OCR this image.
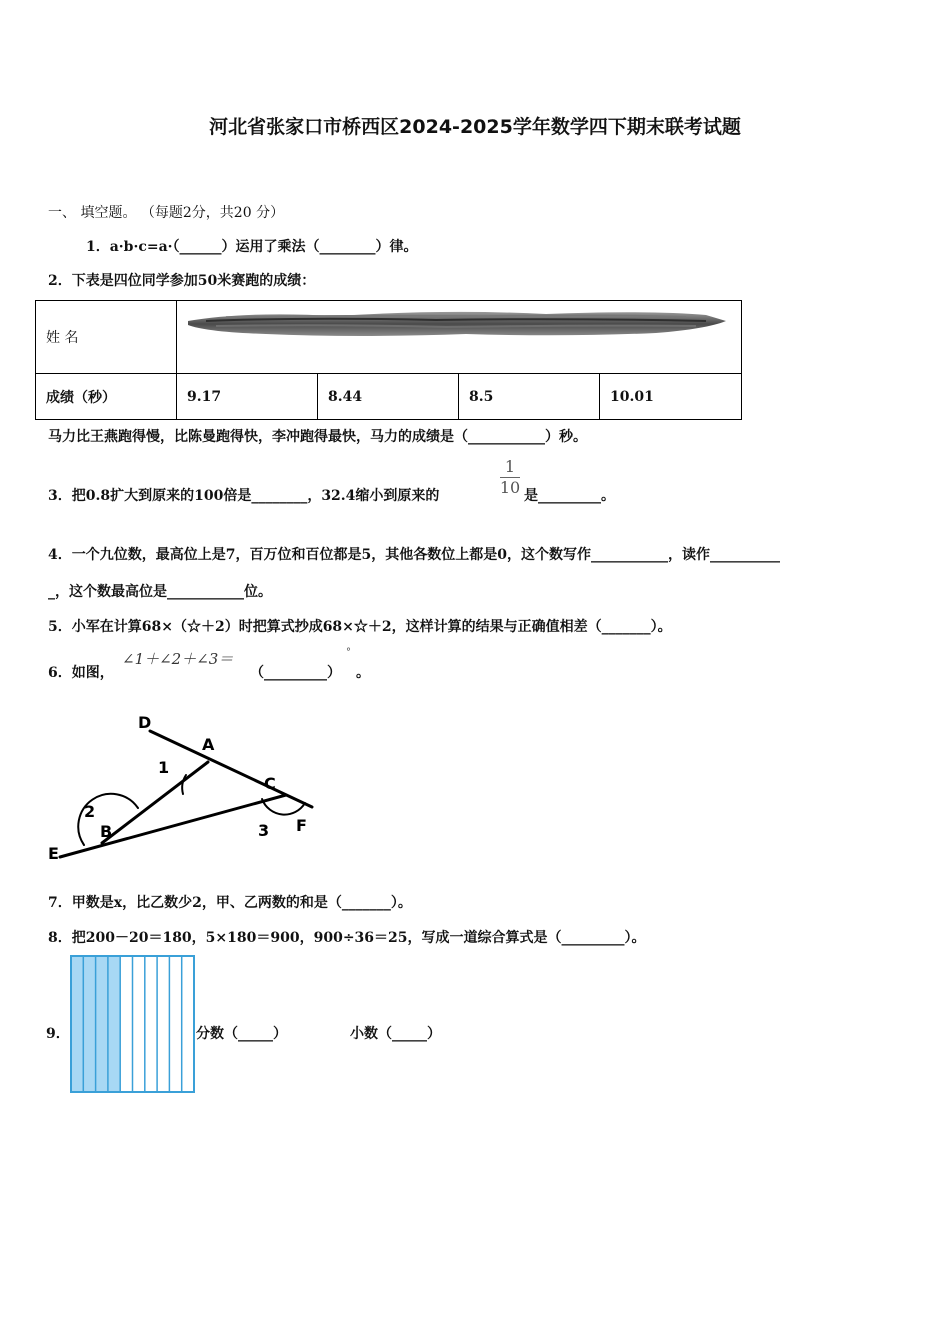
河北省张家口市桥西区2024-2025学年数学四下期末联考试题
一、 填空题。 （每题2分，共20 分）
1．a·b·c=a·（______）运用了乘法（________）律。
2．下表是四位同学参加50米赛跑的成绩：
姓 名				
成绩（秒）	9.17	8.44	8.5	10.01
马力比王燕跑得慢，比陈曼跑得快，李冲跑得最快，马力的成绩是（___________）秒。
3．把0.8扩大到原来的100倍是________，32.4缩小到原来的
1
10 是_________。
4．一个九位数，最高位上是7，百万位和百位都是5，其他各数位上都是0，这个数写作___________，读作__________
_，这个数最高位是___________位。
5．小军在计算68×（☆＋2）时把算式抄成68×☆＋2，这样计算的结果与正确值相差（_______）。
6．如图，
∠1＋∠2＋∠3＝
（_________）
°
。
D
A
C
F
E
B
1
2
3
7．甲数是x，比乙数少2，甲、乙两数的和是（_______）。
8．把200－20＝180，5×180＝900，900÷36＝25，写成一道综合算式是（_________）。
9．	分数（_____）	小数（_____）
